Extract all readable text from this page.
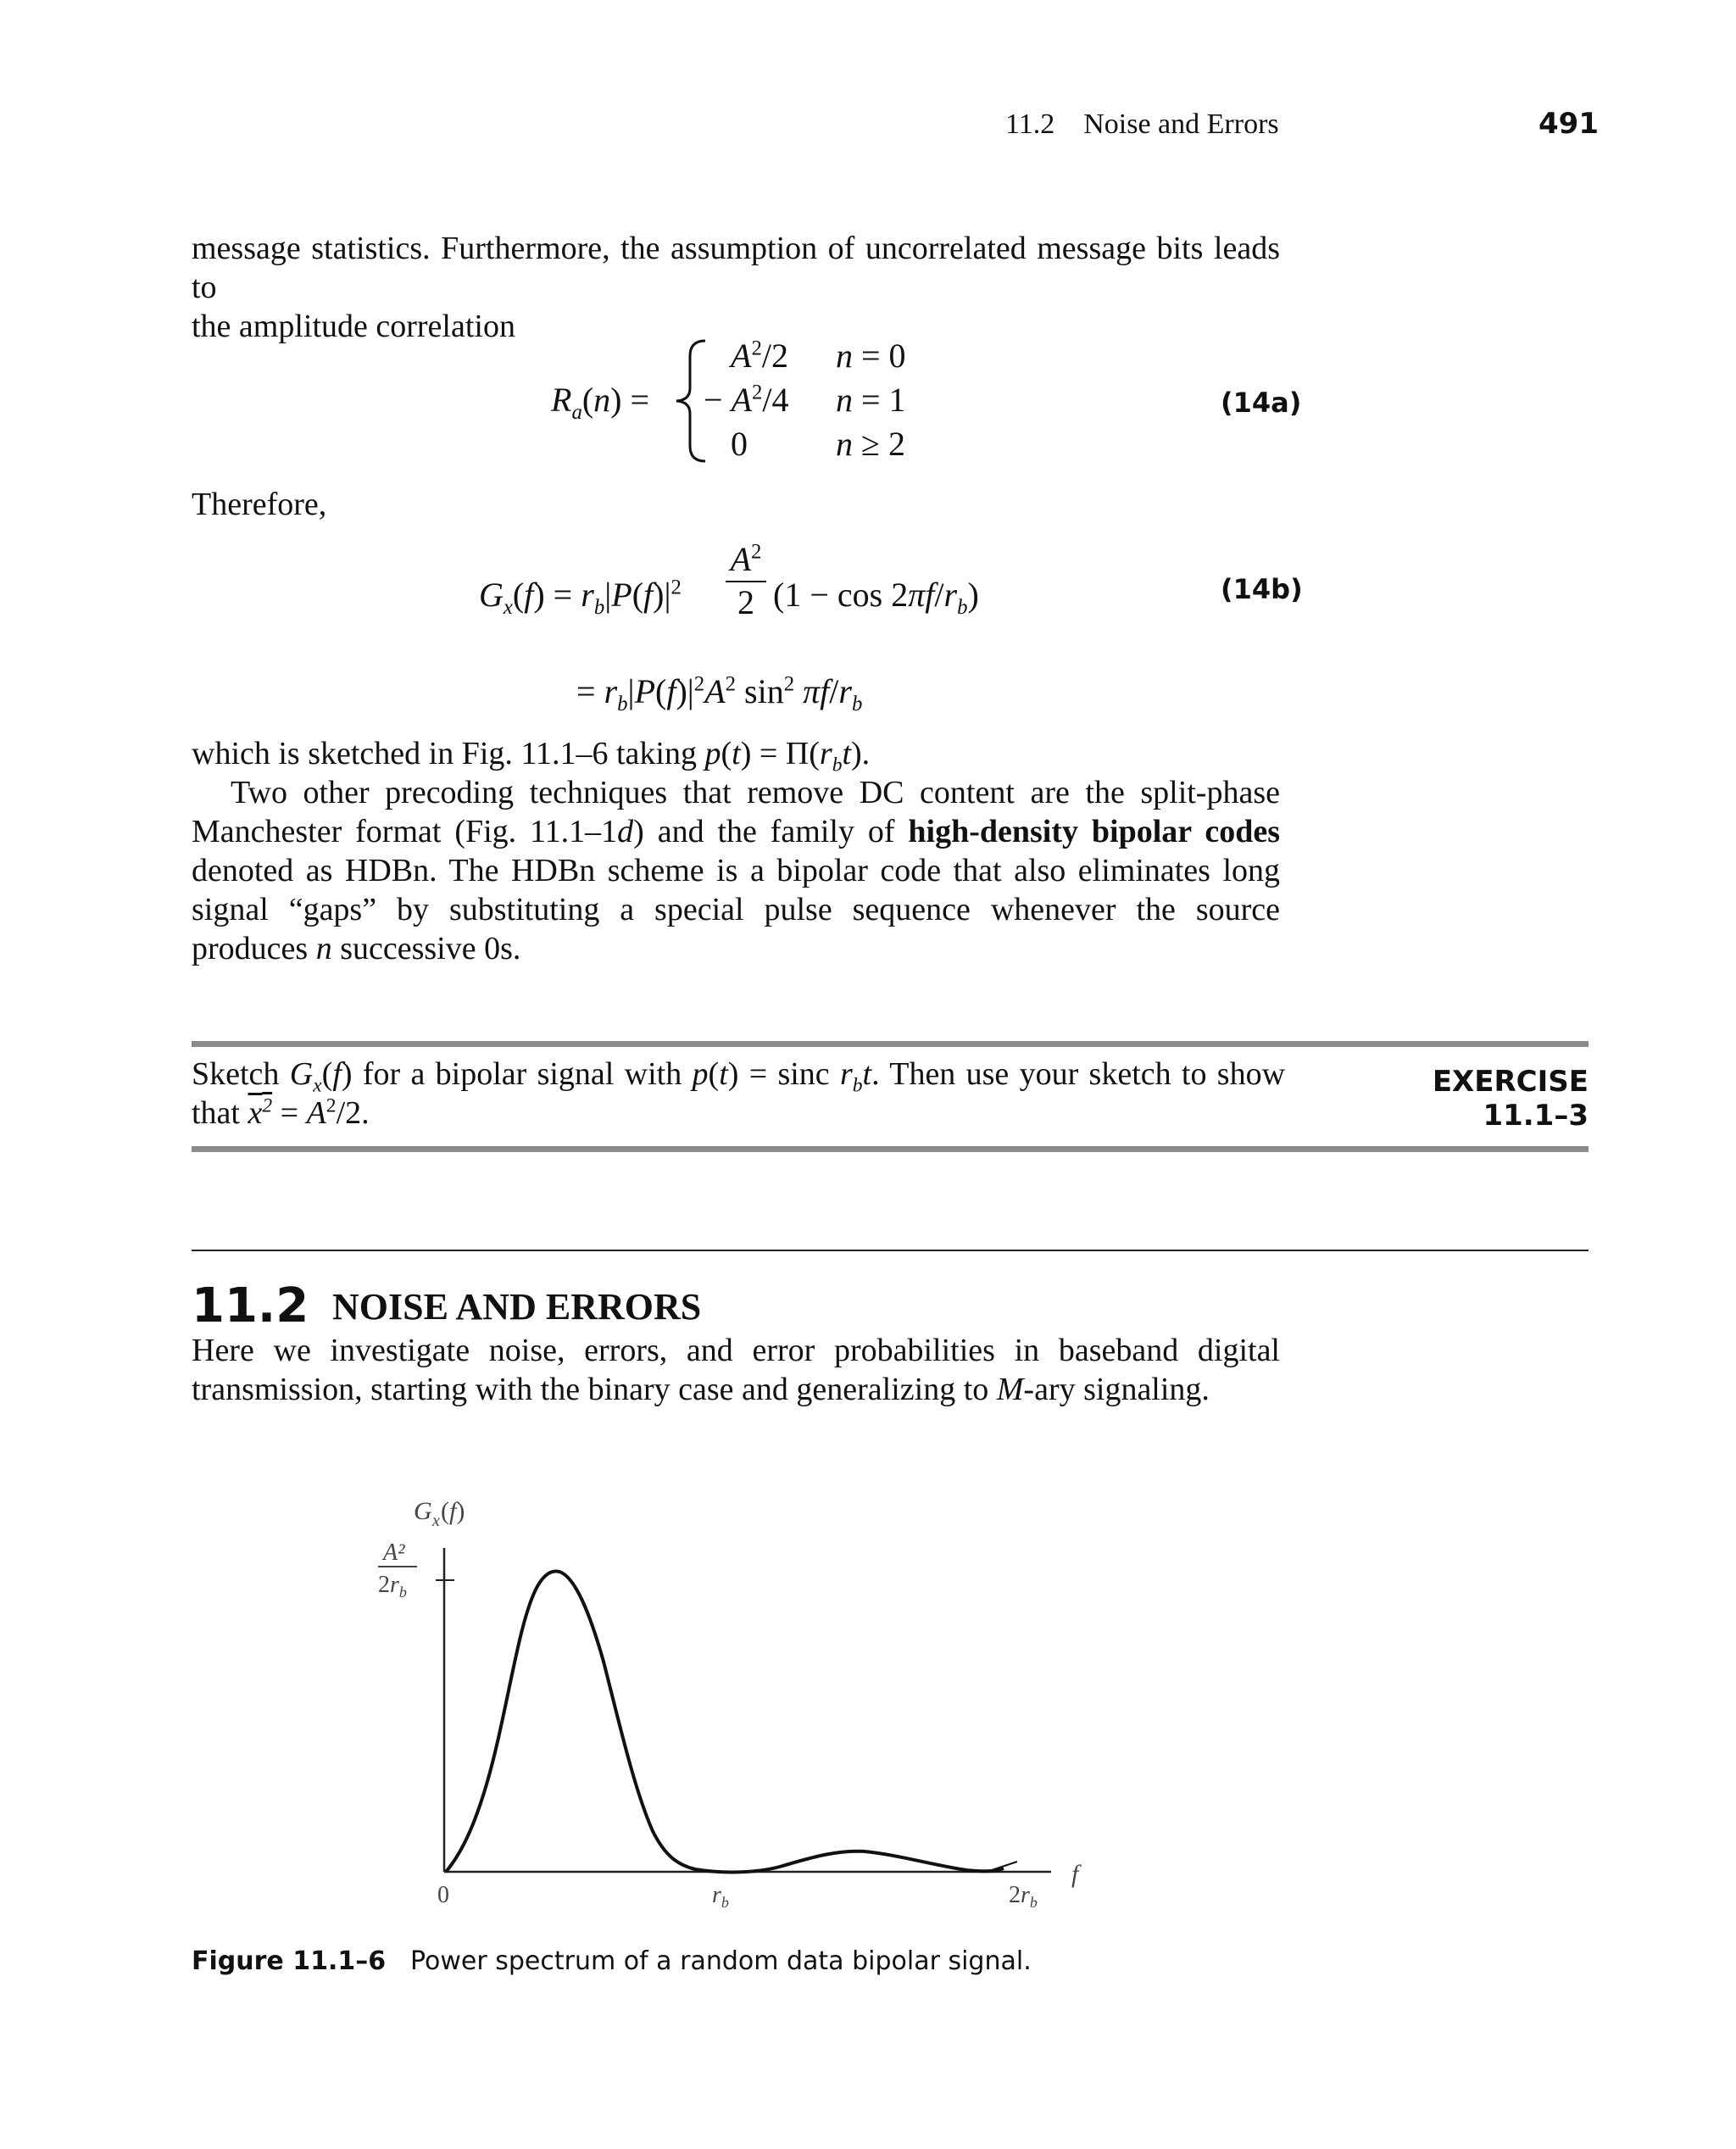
11.2    Noise and Errors	491

message statistics. Furthermore, the assumption of uncorrelated message bits leads to

the amplitude correlation

$R_a(n)$ =
$A^2/2$ n = 0
− $A^2/4$ n = 1
0	n ≥ 2
(14a)
Therefore,
$G_x(f) = r_b|P(f)|^2$
$A^2$
2 $(1 - \cos 2\pi f/r_b)$
= $r_b|P(f)|^2A^2$ $\sin^2 \pi f/r_b$
(14b)

which is sketched in Fig. 11.1–6 taking $p(t) = \Pi(r_bt)$.

Two other precoding techniques that remove DC content are the split-phase Manchester format (Fig. 11.1–1d) and the family of high-density bipolar codes denoted as HDBn. The HDBn scheme is a bipolar code that also eliminates long signal “gaps” by substituting a special pulse sequence whenever the source produces n successive 0s.

Sketch $G_x(f)$ for a bipolar signal with p(t) = sinc $r_bt$. Then use your sketch to show

that $x^2 = A^2/2$.

EXERCISE 11.1–3
11.2 NOISE AND ERRORS

Here we investigate noise, errors, and error probabilities in baseband digital transmission, starting with the binary case and generalizing to M-ary signaling.

G x (f)
A²
$2r_b$
0	$r_b$	$2r_b$
f
Figure 11.1–6 Power spectrum of a random data bipolar signal.
